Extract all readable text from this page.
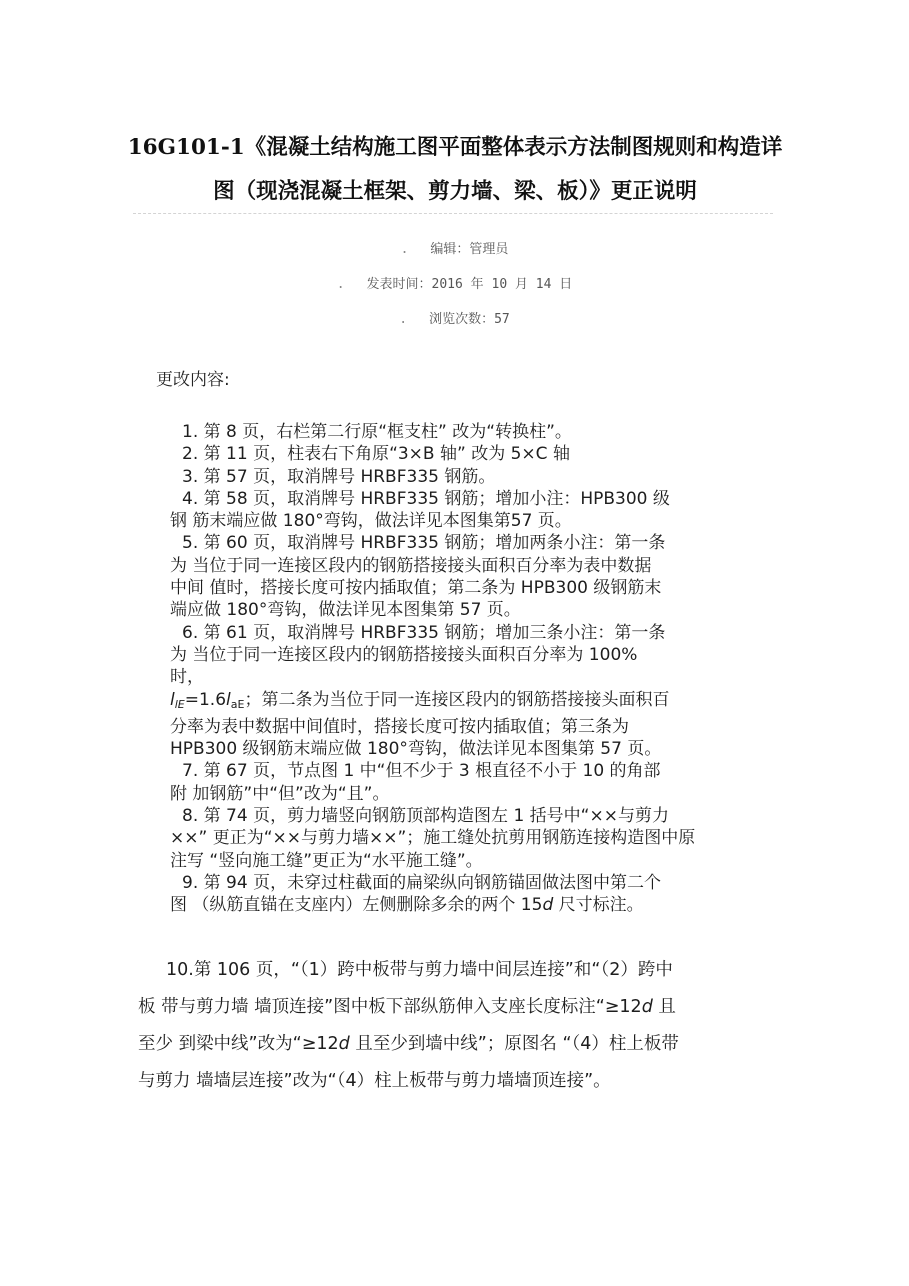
16G101-1《混凝土结构施工图平面整体表示方法制图规则和构造详图（现浇混凝土框架、剪力墙、梁、板）》更正说明
. 编辑：管理员
. 发表时间：2016 年 10 月 14 日
. 浏览次数：57
更改内容:

1. 第 8 页，右栏第二行原“框支柱” 改为“转换柱”。

2. 第 11 页，柱表右下角原“3×B 轴” 改为 5×C 轴

3. 第 57 页，取消牌号 HRBF335 钢筋。

4. 第 58 页，取消牌号 HRBF335 钢筋；增加小注：HPB300 级

钢 筋末端应做 180°弯钩，做法详见本图集第57 页。

5. 第 60 页，取消牌号 HRBF335 钢筋；增加两条小注：第一条

为 当位于同一连接区段内的钢筋搭接接头面积百分率为表中数据

中间 值时，搭接长度可按内插取值；第二条为 HPB300 级钢筋末

端应做 180°弯钩，做法详见本图集第 57 页。

6. 第 61 页，取消牌号 HRBF335 钢筋；增加三条小注：第一条

为 当位于同一连接区段内的钢筋搭接接头面积百分率为 100%

时，

$l_{lE}=1.6l_{aE}$；第二条为当位于同一连接区段内的钢筋搭接接头面积百

分率为表中数据中间值时，搭接长度可按内插取值；第三条为

HPB300 级钢筋末端应做 180°弯钩，做法详见本图集第 57 页。

7. 第 67 页，节点图 1 中“但不少于 3 根直径不小于 10 的角部

附 加钢筋”中“但”改为“且”。

8. 第 74 页，剪力墙竖向钢筋顶部构造图左 1 括号中“××与剪力

××” 更正为“××与剪力墙××”；施工缝处抗剪用钢筋连接构造图中原

注写 “竖向施工缝”更正为“水平施工缝”。

9. 第 94 页，未穿过柱截面的扁梁纵向钢筋锚固做法图中第二个

图 （纵筋直锚在支座内）左侧删除多余的两个 15d 尺寸标注。

10.第 106 页，“（1）跨中板带与剪力墙中间层连接”和“（2）跨中
板 带与剪力墙 墙顶连接”图中板下部纵筋伸入支座长度标注“≥12d 且
至少 到梁中线”改为“≥12d 且至少到墙中线”；原图名 “（4）柱上板带
与剪力 墙墙层连接”改为“（4）柱上板带与剪力墙墙顶连接”。
